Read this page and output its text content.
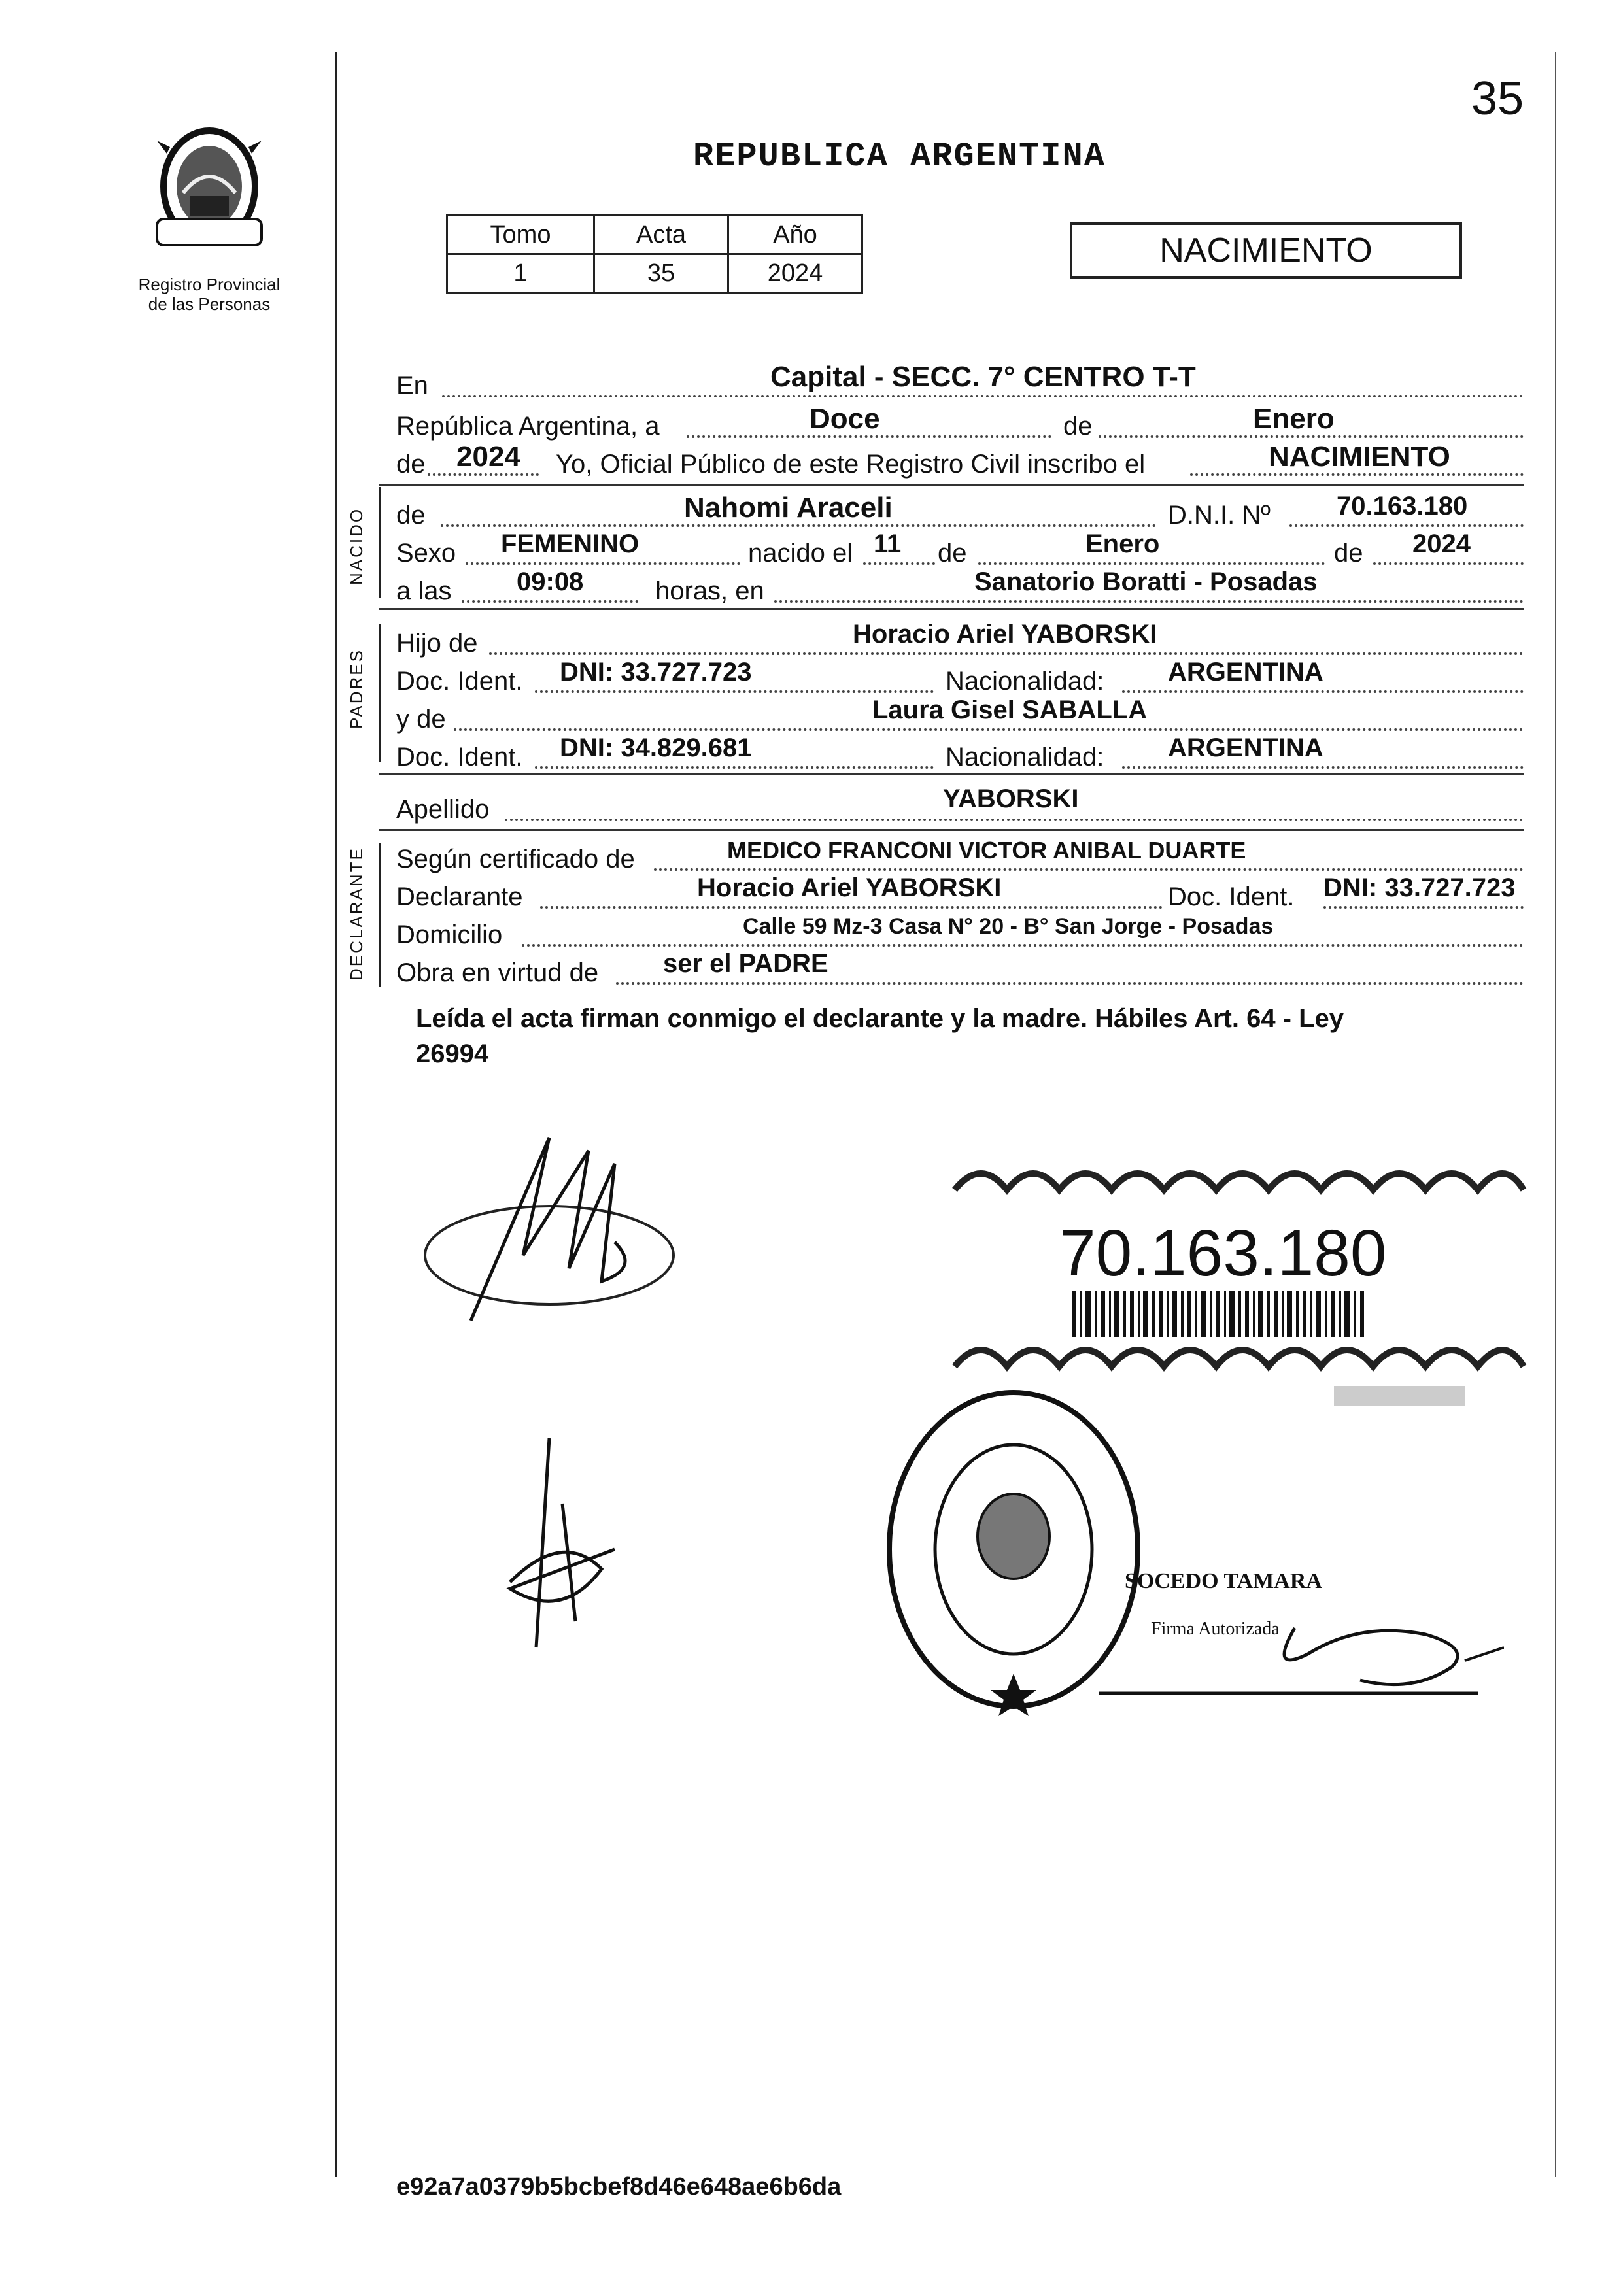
35
Registro Provincial
de las Personas
REPUBLICA ARGENTINA
Tomo	Acta	Año
1	35	2024
NACIMIENTO
En	Capital - SECC. 7° CENTRO T-T
República Argentina, a	Doce	de	Enero
de 2024 Yo, Oficial Público de este Registro Civil inscribo el	NACIMIENTO
NACIDO de	Nahomi Araceli	D.N.I. Nº	70.163.180
Sexo FEMENINO	nacido el 11 de	Enero	de 2024
a las 09:08	horas, en	Sanatorio Boratti - Posadas
PADRES
Hijo de	Horacio Ariel YABORSKI
Doc. Ident. DNI: 33.727.723	Nacionalidad: ARGENTINA
y de	Laura Gisel SABALLA
Doc. Ident. DNI: 34.829.681	Nacionalidad: ARGENTINA
Apellido	YABORSKI
DECLARANTE Según certificado de	MEDICO FRANCONI VICTOR ANIBAL DUARTE
Declarante	Horacio Ariel YABORSKI	Doc. Ident. DNI: 33.727.723
Domicilio	Calle 59 Mz-3 Casa N° 20 - B° San Jorge - Posadas
Obra en virtud de ser el PADRE
Leída el acta firman conmigo el declarante y la madre. Hábiles Art. 64 - Ley
26994
70.163.180
SOCEDO TAMARA
Firma Autorizada
e92a7a0379b5bcbef8d46e648ae6b6da
